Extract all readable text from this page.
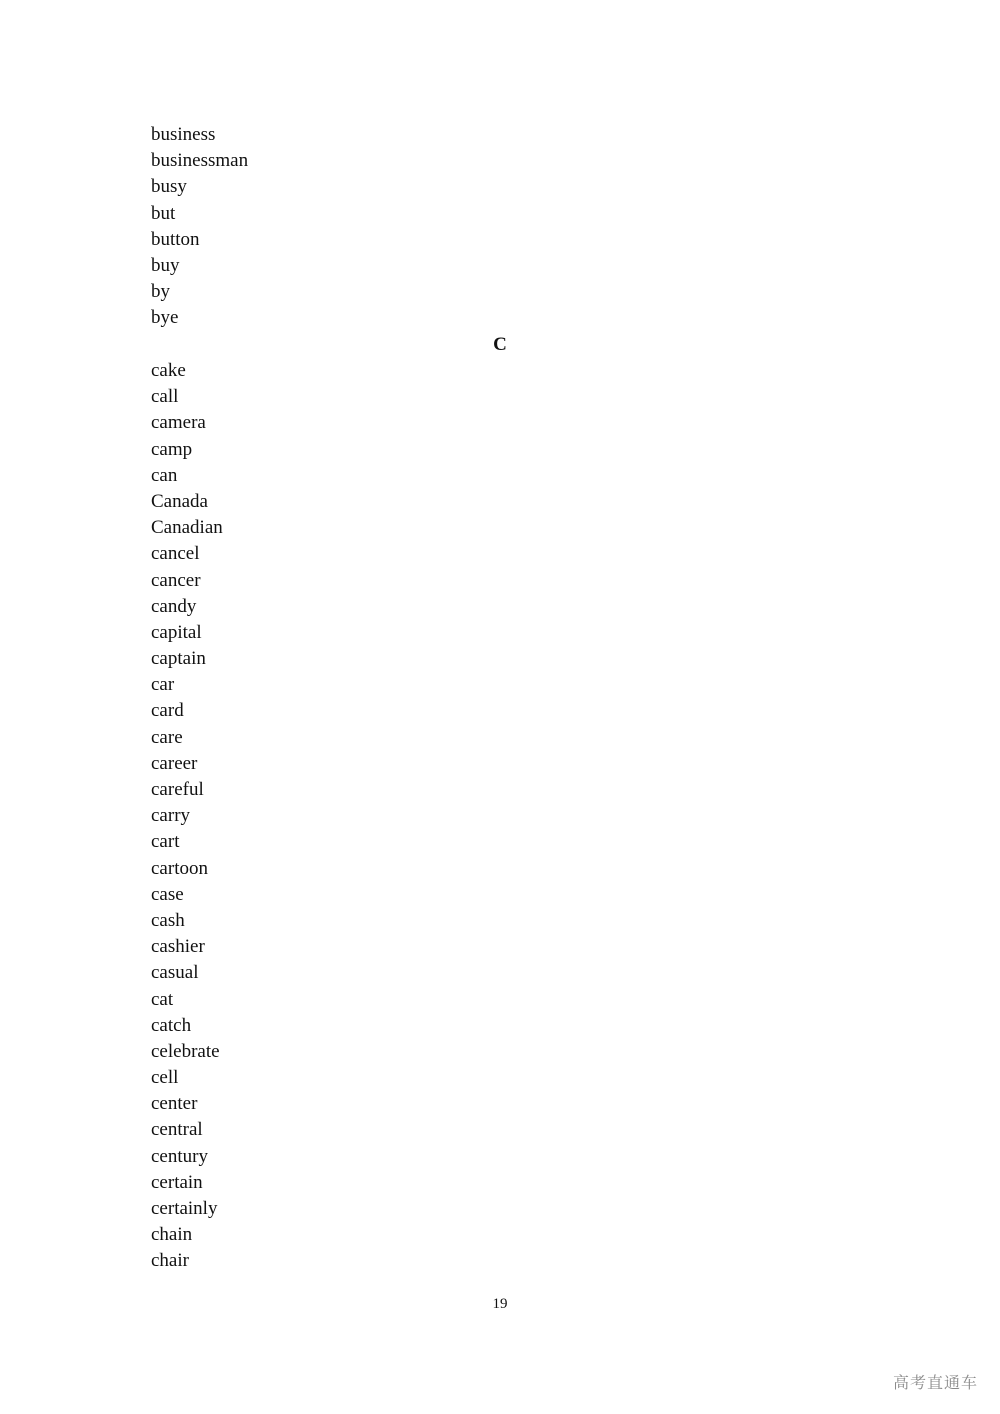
business
businessman
busy
but
button
buy
by
bye
C
cake
call
camera
camp
can
Canada
Canadian
cancel
cancer
candy
capital
captain
car
card
care
career
careful
carry
cart
cartoon
case
cash
cashier
casual
cat
catch
celebrate
cell
center
central
century
certain
certainly
chain
chair
19
高考直通车
